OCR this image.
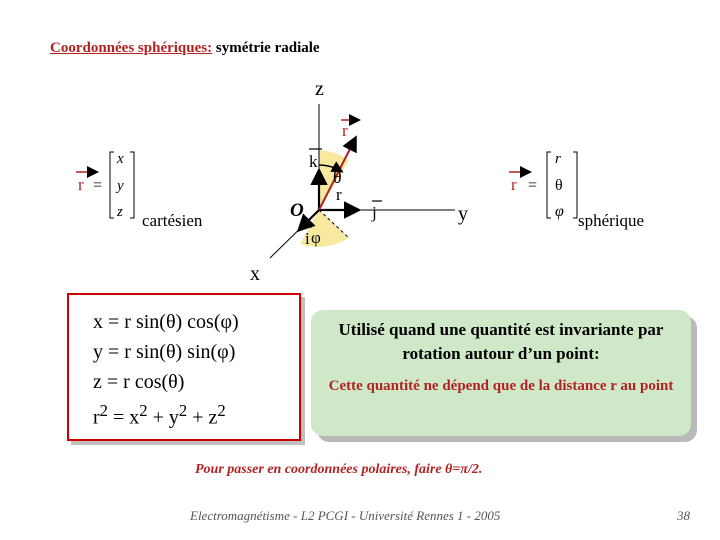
Coordonnées sphériques: symétrie radiale
z
x
y
O
k
i
j
r
θ
φ
r
r =
x
y
z cartésien
r =
r
θ
φ sphérique
x = r sin(θ) cos(φ)
y = r sin(θ) sin(φ)
z = r cos(θ)
$r^2 = x^2 + y^2 + z^2$
Utilisé quand une quantité est invariante par rotation autour d’un point:
Cette quantité ne dépend que de la distance r au point
Pour passer en coordonnées polaires, faire θ=π/2.
Electromagnétisme - L2 PCGI - Université Rennes 1 - 2005	38
